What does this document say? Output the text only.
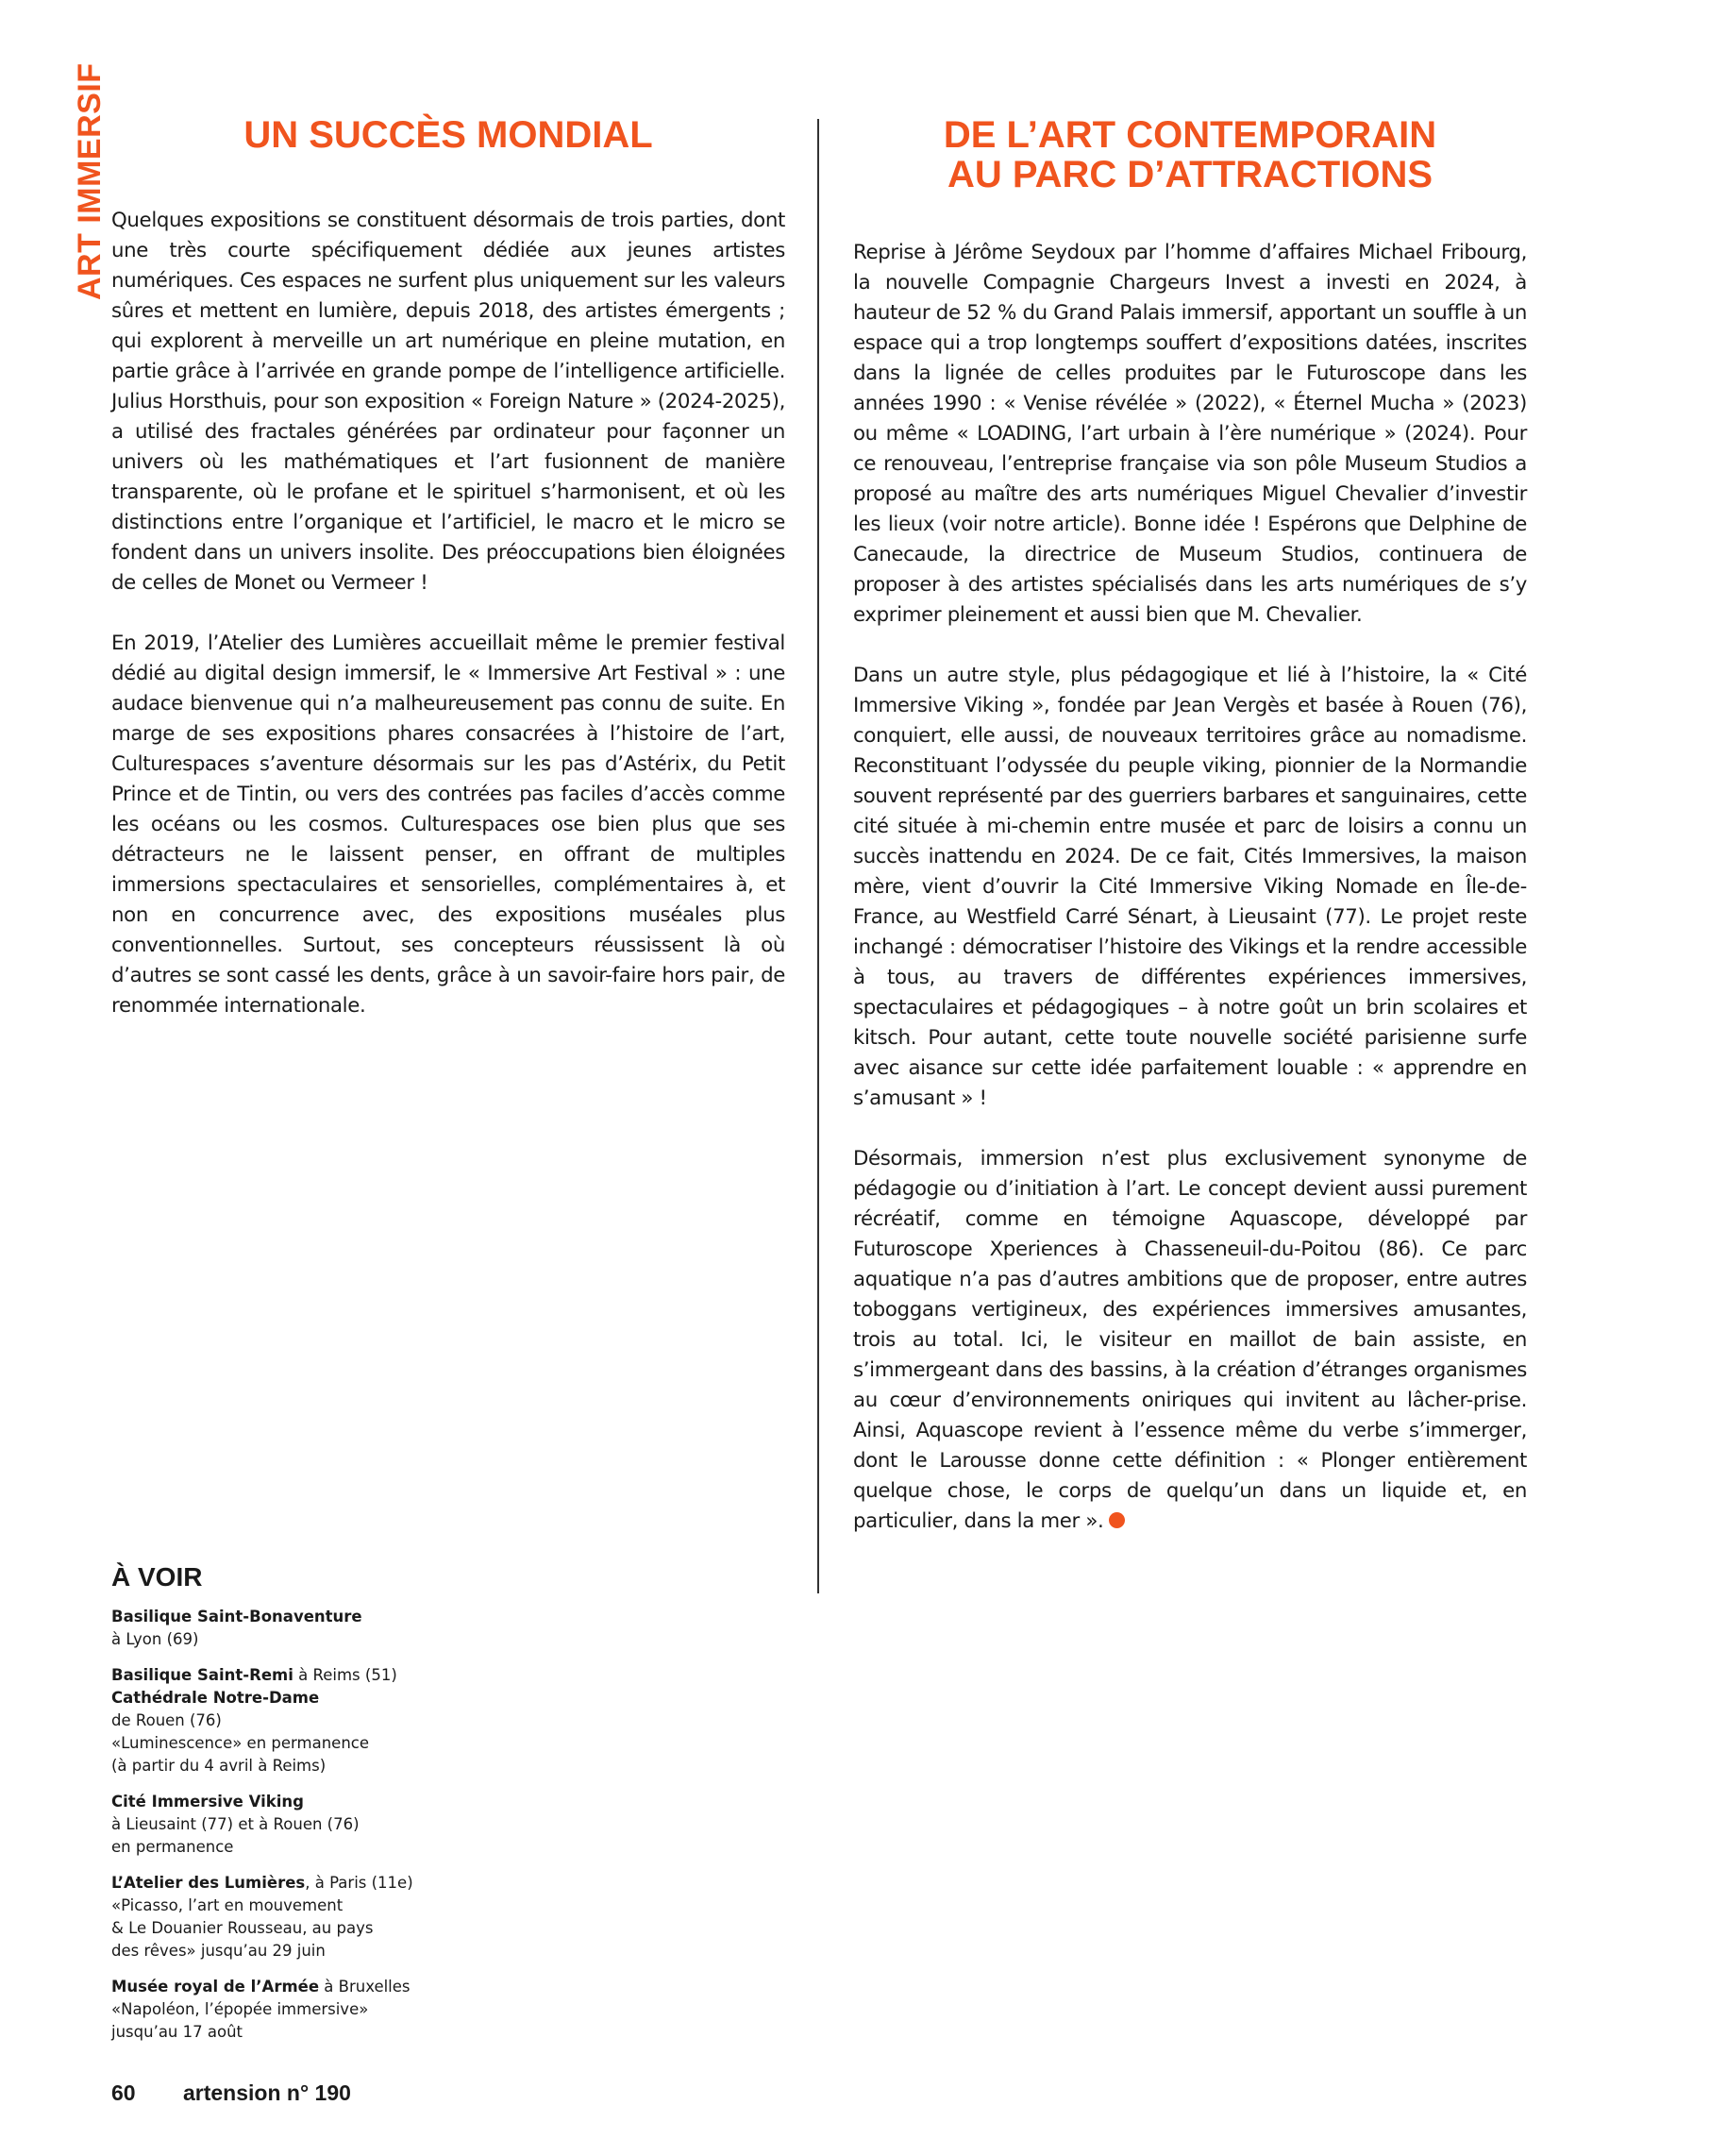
ART IMMERSIF	UN SUCCÈS MONDIAL

Quelques expositions se constituent désormais de trois parties, dont une très courte spécifiquement dédiée aux jeunes artistes numériques. Ces espaces ne surfent plus uniquement sur les valeurs sûres et mettent en lumière, depuis 2018, des artistes émergents ; qui explorent à merveille un art numérique en pleine mutation, en partie grâce à l’arrivée en grande pompe de l’intelligence artificielle. Julius Horsthuis, pour son exposition « Foreign Nature » (2024-2025), a utilisé des fractales générées par ordinateur pour façonner un univers où les mathématiques et l’art fusionnent de manière transparente, où le profane et le spirituel s’harmonisent, et où les distinctions entre l’organique et l’artificiel, le macro et le micro se fondent dans un univers insolite. Des préoccupations bien éloignées de celles de Monet ou Vermeer !

En 2019, l’Atelier des Lumières accueillait même le premier festival dédié au digital design immersif, le « Immersive Art Festival » : une audace bienvenue qui n’a malheureusement pas connu de suite. En marge de ses expositions phares consacrées à l’histoire de l’art, Culturespaces s’aventure désormais sur les pas d’Astérix, du Petit Prince et de Tintin, ou vers des contrées pas faciles d’accès comme les océans ou les cosmos. Culturespaces ose bien plus que ses détracteurs ne le laissent penser, en offrant de multiples immersions spectaculaires et sensorielles, complémentaires à, et non en concurrence avec, des expositions muséales plus conventionnelles. Surtout, ses concepteurs réussissent là où d’autres se sont cassé les dents, grâce à un savoir-faire hors pair, de renommée internationale.

DE L’ART CONTEMPORAIN
AU PARC D’ATTRACTIONS

Reprise à Jérôme Seydoux par l’homme d’affaires Michael Fribourg, la nouvelle Compagnie Chargeurs Invest a investi en 2024, à hauteur de 52 % du Grand Palais immersif, apportant un souffle à un espace qui a trop longtemps souffert d’expositions datées, inscrites dans la lignée de celles produites par le Futuroscope dans les années 1990 : « Venise révélée » (2022), « Éternel Mucha » (2023) ou même « LOADING, l’art urbain à l’ère numérique » (2024). Pour ce renouveau, l’entreprise française via son pôle Museum Studios a proposé au maître des arts numériques Miguel Chevalier d’investir les lieux (voir notre article). Bonne idée ! Espérons que Delphine de Canecaude, la directrice de Museum Studios, continuera de proposer à des artistes spécialisés dans les arts numériques de s’y exprimer pleinement et aussi bien que M. Chevalier.

Dans un autre style, plus pédagogique et lié à l’histoire, la « Cité Immersive Viking », fondée par Jean Vergès et basée à Rouen (76), conquiert, elle aussi, de nouveaux territoires grâce au nomadisme. Reconstituant l’odyssée du peuple viking, pionnier de la Normandie souvent représenté par des guerriers barbares et sanguinaires, cette cité située à mi-chemin entre musée et parc de loisirs a connu un succès inattendu en 2024. De ce fait, Cités Immersives, la maison mère, vient d’ouvrir la Cité Immersive Viking Nomade en Île-de-France, au Westfield Carré Sénart, à Lieusaint (77). Le projet reste inchangé : démocratiser l’histoire des Vikings et la rendre accessible à tous, au travers de différentes expériences immersives, spectaculaires et pédagogiques – à notre goût un brin scolaires et kitsch. Pour autant, cette toute nouvelle société parisienne surfe avec aisance sur cette idée parfaitement louable : « apprendre en s’amusant » !

Désormais, immersion n’est plus exclusivement synonyme de pédagogie ou d’initiation à l’art. Le concept devient aussi purement récréatif, comme en témoigne Aquascope, développé par Futuroscope Xperiences à Chasseneuil-du-Poitou (86). Ce parc aquatique n’a pas d’autres ambitions que de proposer, entre autres toboggans vertigineux, des expériences immersives amusantes, trois au total. Ici, le visiteur en maillot de bain assiste, en s’immergeant dans des bassins, à la création d’étranges organismes au cœur d’environnements oniriques qui invitent au lâcher-prise. Ainsi, Aquascope revient à l’essence même du verbe s’immerger, dont le Larousse donne cette définition : « Plonger entièrement quelque chose, le corps de quelqu’un dans un liquide et, en particulier, dans la mer ».

À VOIR
Basilique Saint-Bonaventure
à Lyon (69)
Basilique Saint-Remi à Reims (51)
Cathédrale Notre-Dame
de Rouen (76)
«Luminescence» en permanence
(à partir du 4 avril à Reims)
Cité Immersive Viking
à Lieusaint (77) et à Rouen (76)
en permanence
L’Atelier des Lumières, à Paris (11e)
«Picasso, l’art en mouvement
& Le Douanier Rousseau, au pays
des rêves» jusqu’au 29 juin
Musée royal de l’Armée à Bruxelles
«Napoléon, l’épopée immersive»
jusqu’au 17 août
60 artension n° 190
